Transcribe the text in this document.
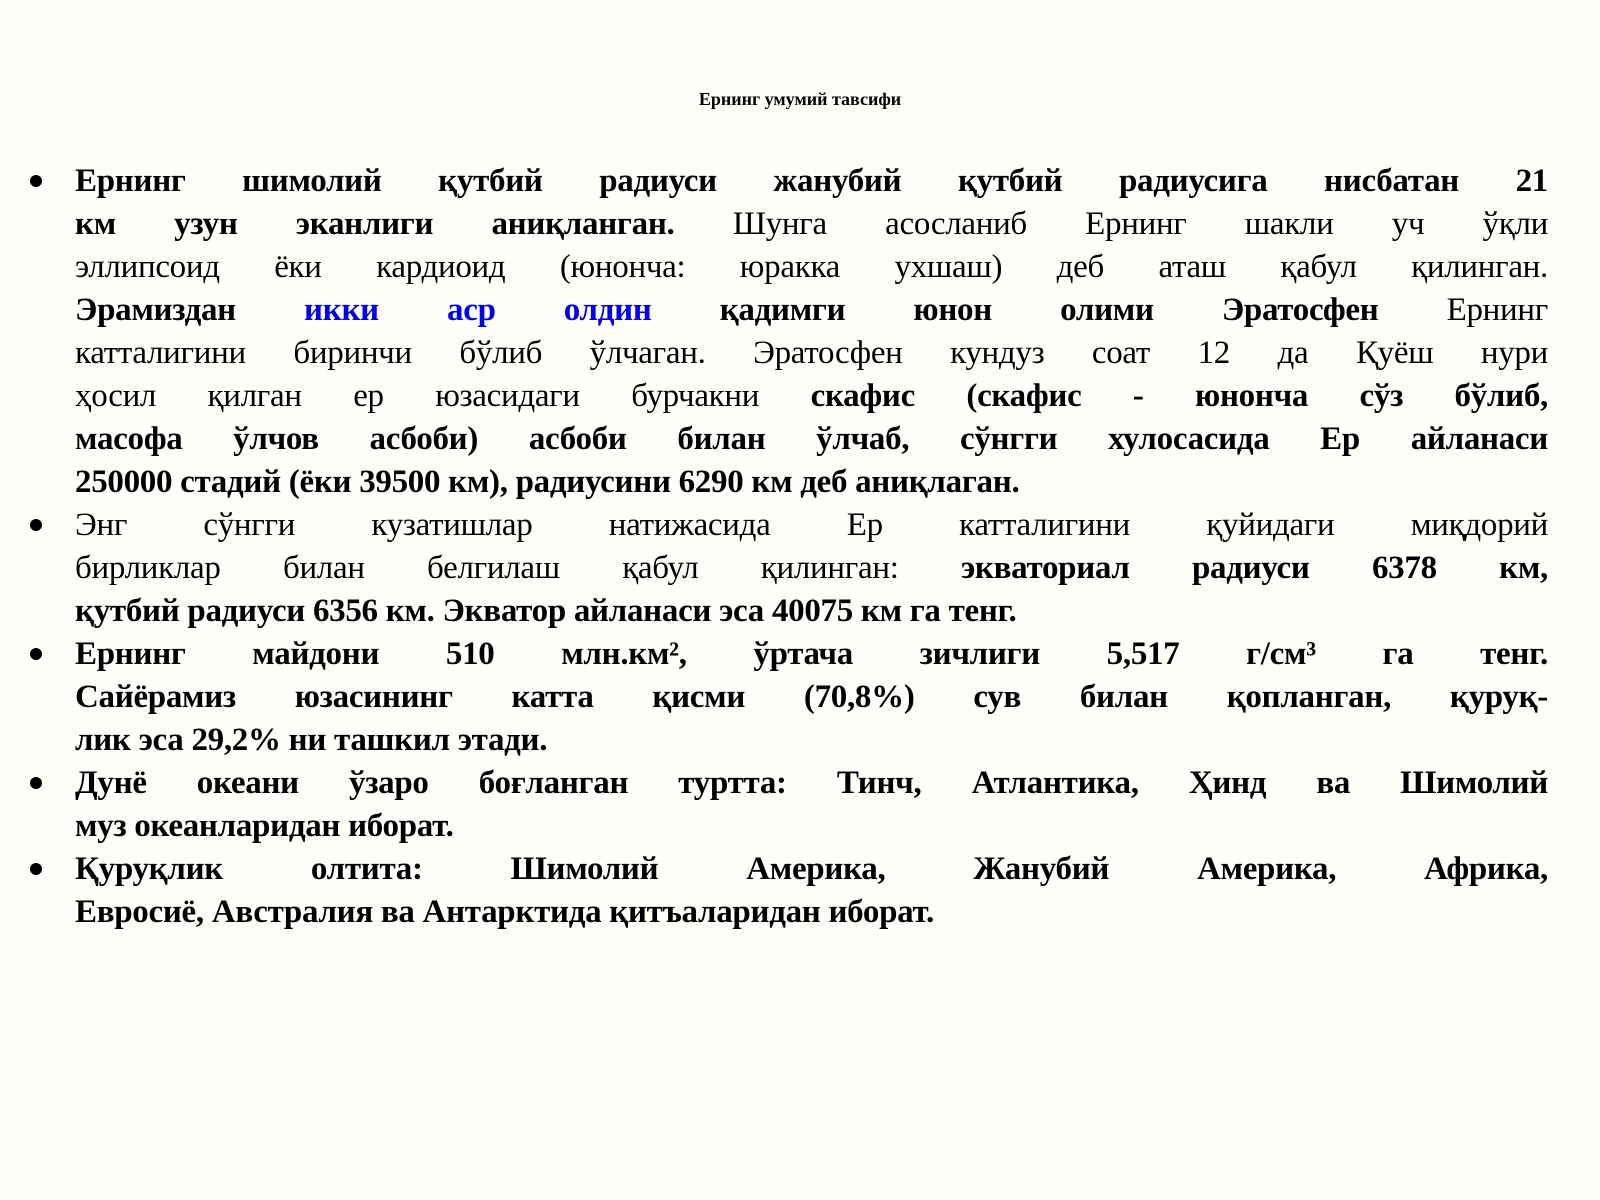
Ернинг умумий тавсифи
Ернинг шимолий қутбий радиуси жанубий қутбий радиусига нисбатан 21
км узун эканлиги аниқланган. Шунга асосланиб Ернинг шакли уч ўқли
эллипсоид ёки кардиоид (юнонча: юракка ухшаш) деб аташ қабул қилинган.
Эрамиздан икки аср олдин қадимги юнон олими Эратосфен Ернинг
катталигини биринчи бўлиб ўлчаган. Эратосфен кундуз соат 12 да Қуёш нури
ҳосил қилган ер юзасидаги бурчакни скафис (скафис - юнонча сўз бўлиб,
масофа ўлчов асбоби) асбоби билан ўлчаб, сўнгги хулосасида Ер айланаси
250000 стадий (ёки 39500 км), радиусини 6290 км деб аниқлаган.
Энг сўнгги кузатишлар натижасида Ер катталигини қуйидаги миқдорий
бирликлар билан белгилаш қабул қилинган: экваториал радиуси 6378 км,
қутбий радиуси 6356 км. Экватор айланаси эса 40075 км га тенг.
Ернинг майдони 510 млн.км², ўртача зичлиги 5,517 г/см³ га тенг.
Сайёрамиз юзасининг катта қисми (70,8%) сув билан қопланган, қуруқ-
лик эса 29,2% ни ташкил этади.
Дунё океани ўзаро боғланган туртта: Тинч, Атлантика, Ҳинд ва Шимолий
муз океанларидан иборат.
Қуруқлик олтита: Шимолий Америка, Жанубий Америка, Африка,
Евросиё, Австралия ва Антарктида қитъаларидан иборат.
